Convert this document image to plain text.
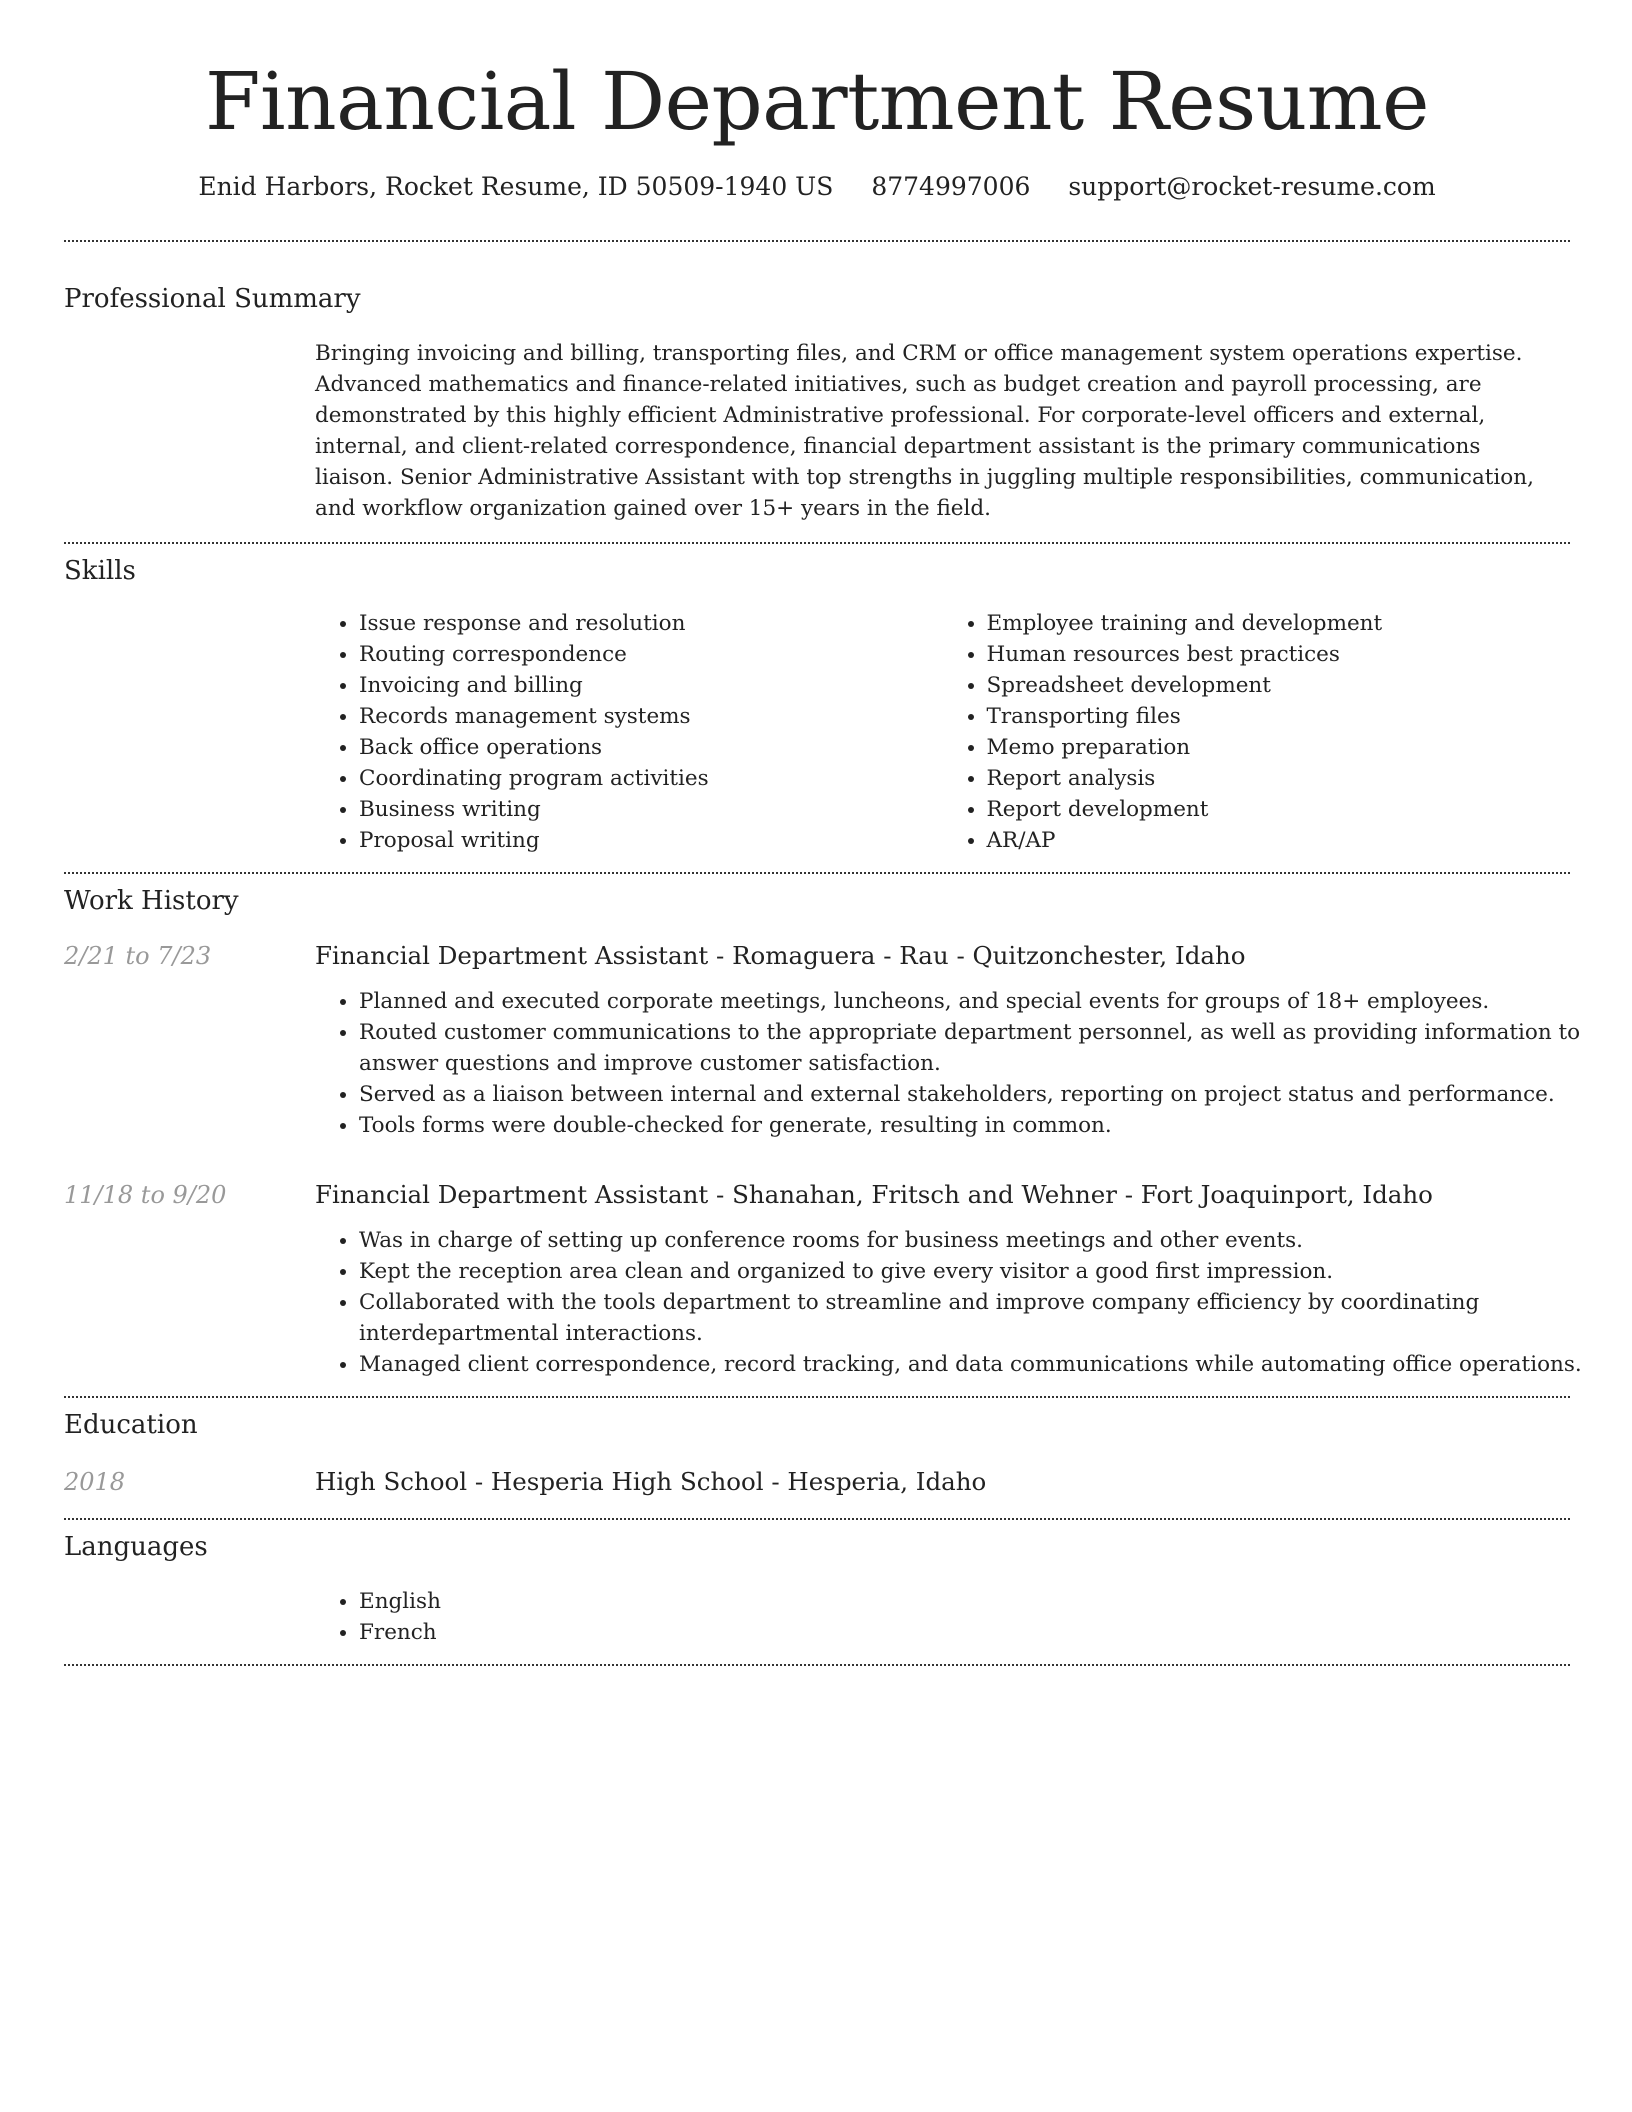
Financial Department Resume
Enid Harbors, Rocket Resume, ID 50509-1940 US 8774997006 support@rocket-resume.com
Professional Summary
Bringing invoicing and billing, transporting files, and CRM or office management system operations expertise. Advanced mathematics and finance-related initiatives, such as budget creation and payroll processing, are demonstrated by this highly efficient Administrative professional. For corporate-level officers and external, internal, and client-related correspondence, financial department assistant is the primary communications liaison. Senior Administrative Assistant with top strengths in juggling multiple responsibilities, communication, and workflow organization gained over 15+ years in the field.
Skills
• Issue response and resolution
• Routing correspondence
• Invoicing and billing
• Records management systems
• Back office operations
• Coordinating program activities
• Business writing
• Proposal writing
• Employee training and development
• Human resources best practices
• Spreadsheet development
• Transporting files
• Memo preparation
• Report analysis
• Report development
• AR/AP
Work History
2/21 to 7/23	Financial Department Assistant - Romaguera - Rau - Quitzonchester, Idaho
• Planned and executed corporate meetings, luncheons, and special events for groups of 18+ employees.
• Routed customer communications to the appropriate department personnel, as well as providing information to answer questions and improve customer satisfaction.
• Served as a liaison between internal and external stakeholders, reporting on project status and performance.
• Tools forms were double-checked for generate, resulting in common.
11/18 to 9/20	Financial Department Assistant - Shanahan, Fritsch and Wehner - Fort Joaquinport, Idaho
• Was in charge of setting up conference rooms for business meetings and other events.
• Kept the reception area clean and organized to give every visitor a good first impression.
• Collaborated with the tools department to streamline and improve company efficiency by coordinating interdepartmental interactions.
• Managed client correspondence, record tracking, and data communications while automating office operations.
Education
2018	High School - Hesperia High School - Hesperia, Idaho
Languages
• English
• French
